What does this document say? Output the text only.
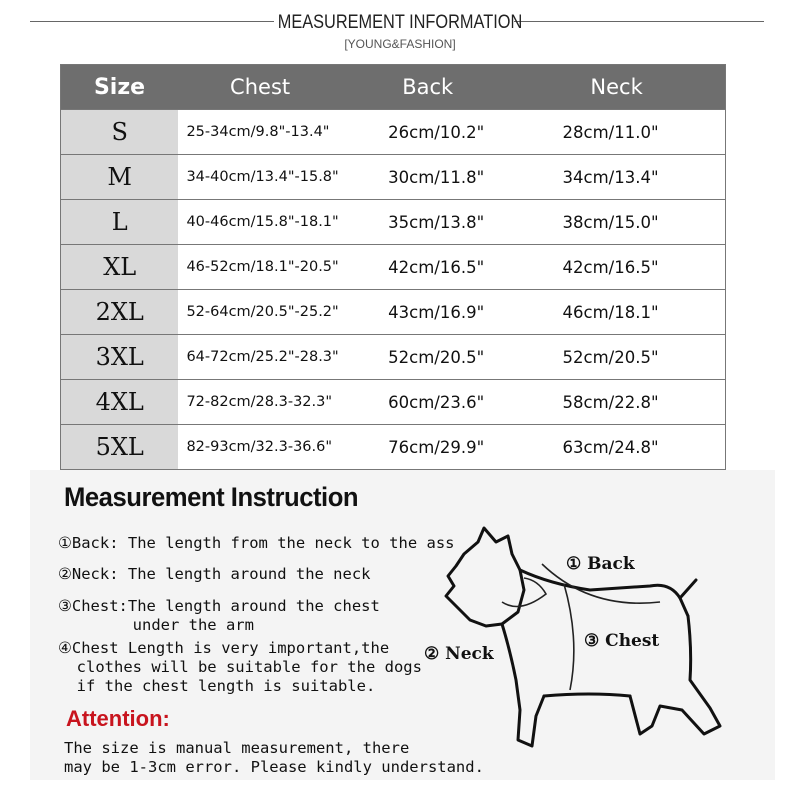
MEASUREMENT INFORMATION
[YOUNG&FASHION]
Size	Chest	Back	Neck
S	25-34cm/9.8"-13.4"	26cm/10.2"	28cm/11.0"
M	34-40cm/13.4"-15.8"	30cm/11.8"	34cm/13.4"
L	40-46cm/15.8"-18.1"	35cm/13.8"	38cm/15.0"
XL	46-52cm/18.1"-20.5"	42cm/16.5"	42cm/16.5"
2XL	52-64cm/20.5"-25.2"	43cm/16.9"	46cm/18.1"
3XL	64-72cm/25.2"-28.3"	52cm/20.5"	52cm/20.5"
4XL	72-82cm/28.3-32.3"	60cm/23.6"	58cm/22.8"
5XL	82-93cm/32.3-36.6"	76cm/29.9"	63cm/24.8"
Measurement Instruction
①Back: The length from the neck to the ass
②Neck: The length around the neck
③Chest:The length around the chest
under the arm
④Chest Length is very important,the
clothes will be suitable for the dogs
if the chest length is suitable.
Attention:
The size is manual measurement, there
may be 1-3cm error. Please kindly understand.
① Back
② Neck
③ Chest
